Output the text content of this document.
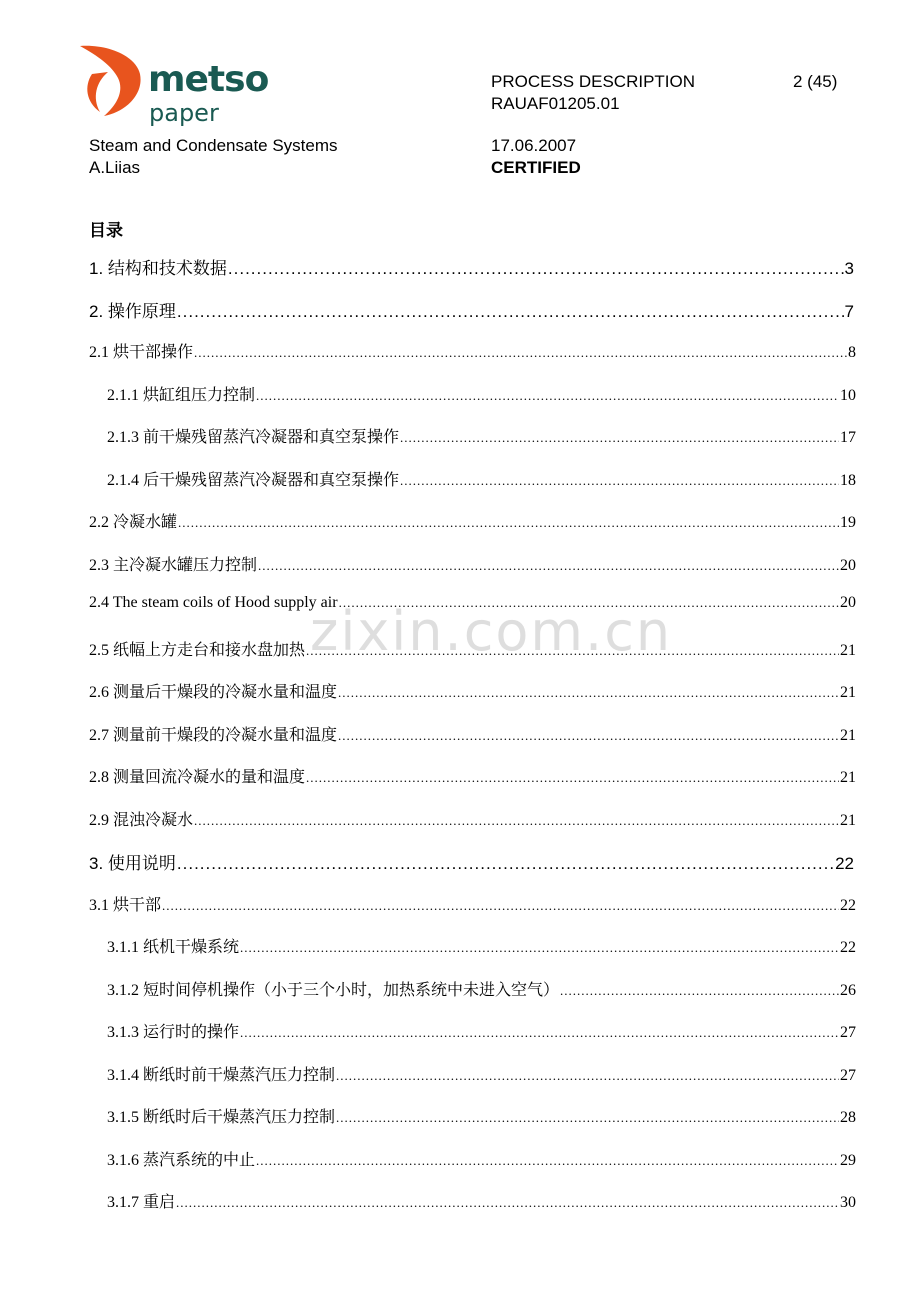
metso
paper
Steam and Condensate Systems
A.Liias
PROCESS DESCRIPTION
RAUAF01205.01
17.06.2007
CERTIFIED
2 (45)
目录
1. 结构和技术数据 .....	3
2. 操作原理 .....	7
2.1 烘干部操作 .....	8
2.1.1 烘缸组压力控制 .....	10
2.1.3 前干燥残留蒸汽冷凝器和真空泵操作 .....	17
2.1.4 后干燥残留蒸汽冷凝器和真空泵操作 .....	18
2.2 冷凝水罐 .....	19
2.3 主冷凝水罐压力控制 .....	20
2.4 The steam coils of Hood supply air .....	20
2.5 纸幅上方走台和接水盘加热 .....	21
2.6 测量后干燥段的冷凝水量和温度 .....	21
2.7 测量前干燥段的冷凝水量和温度 .....	21
2.8 测量回流冷凝水的量和温度 .....	21
2.9 混浊冷凝水 .....	21
3. 使用说明 .....	22
3.1 烘干部 .....	22
3.1.1 纸机干燥系统 .....	22
3.1.2 短时间停机操作（小于三个小时，加热系统中未进入空气） .....	26
3.1.3 运行时的操作 .....	27
3.1.4 断纸时前干燥蒸汽压力控制 .....	27
3.1.5 断纸时后干燥蒸汽压力控制 .....	28
3.1.6 蒸汽系统的中止 .....	29
3.1.7 重启 .....	30
zixin.com.cn
